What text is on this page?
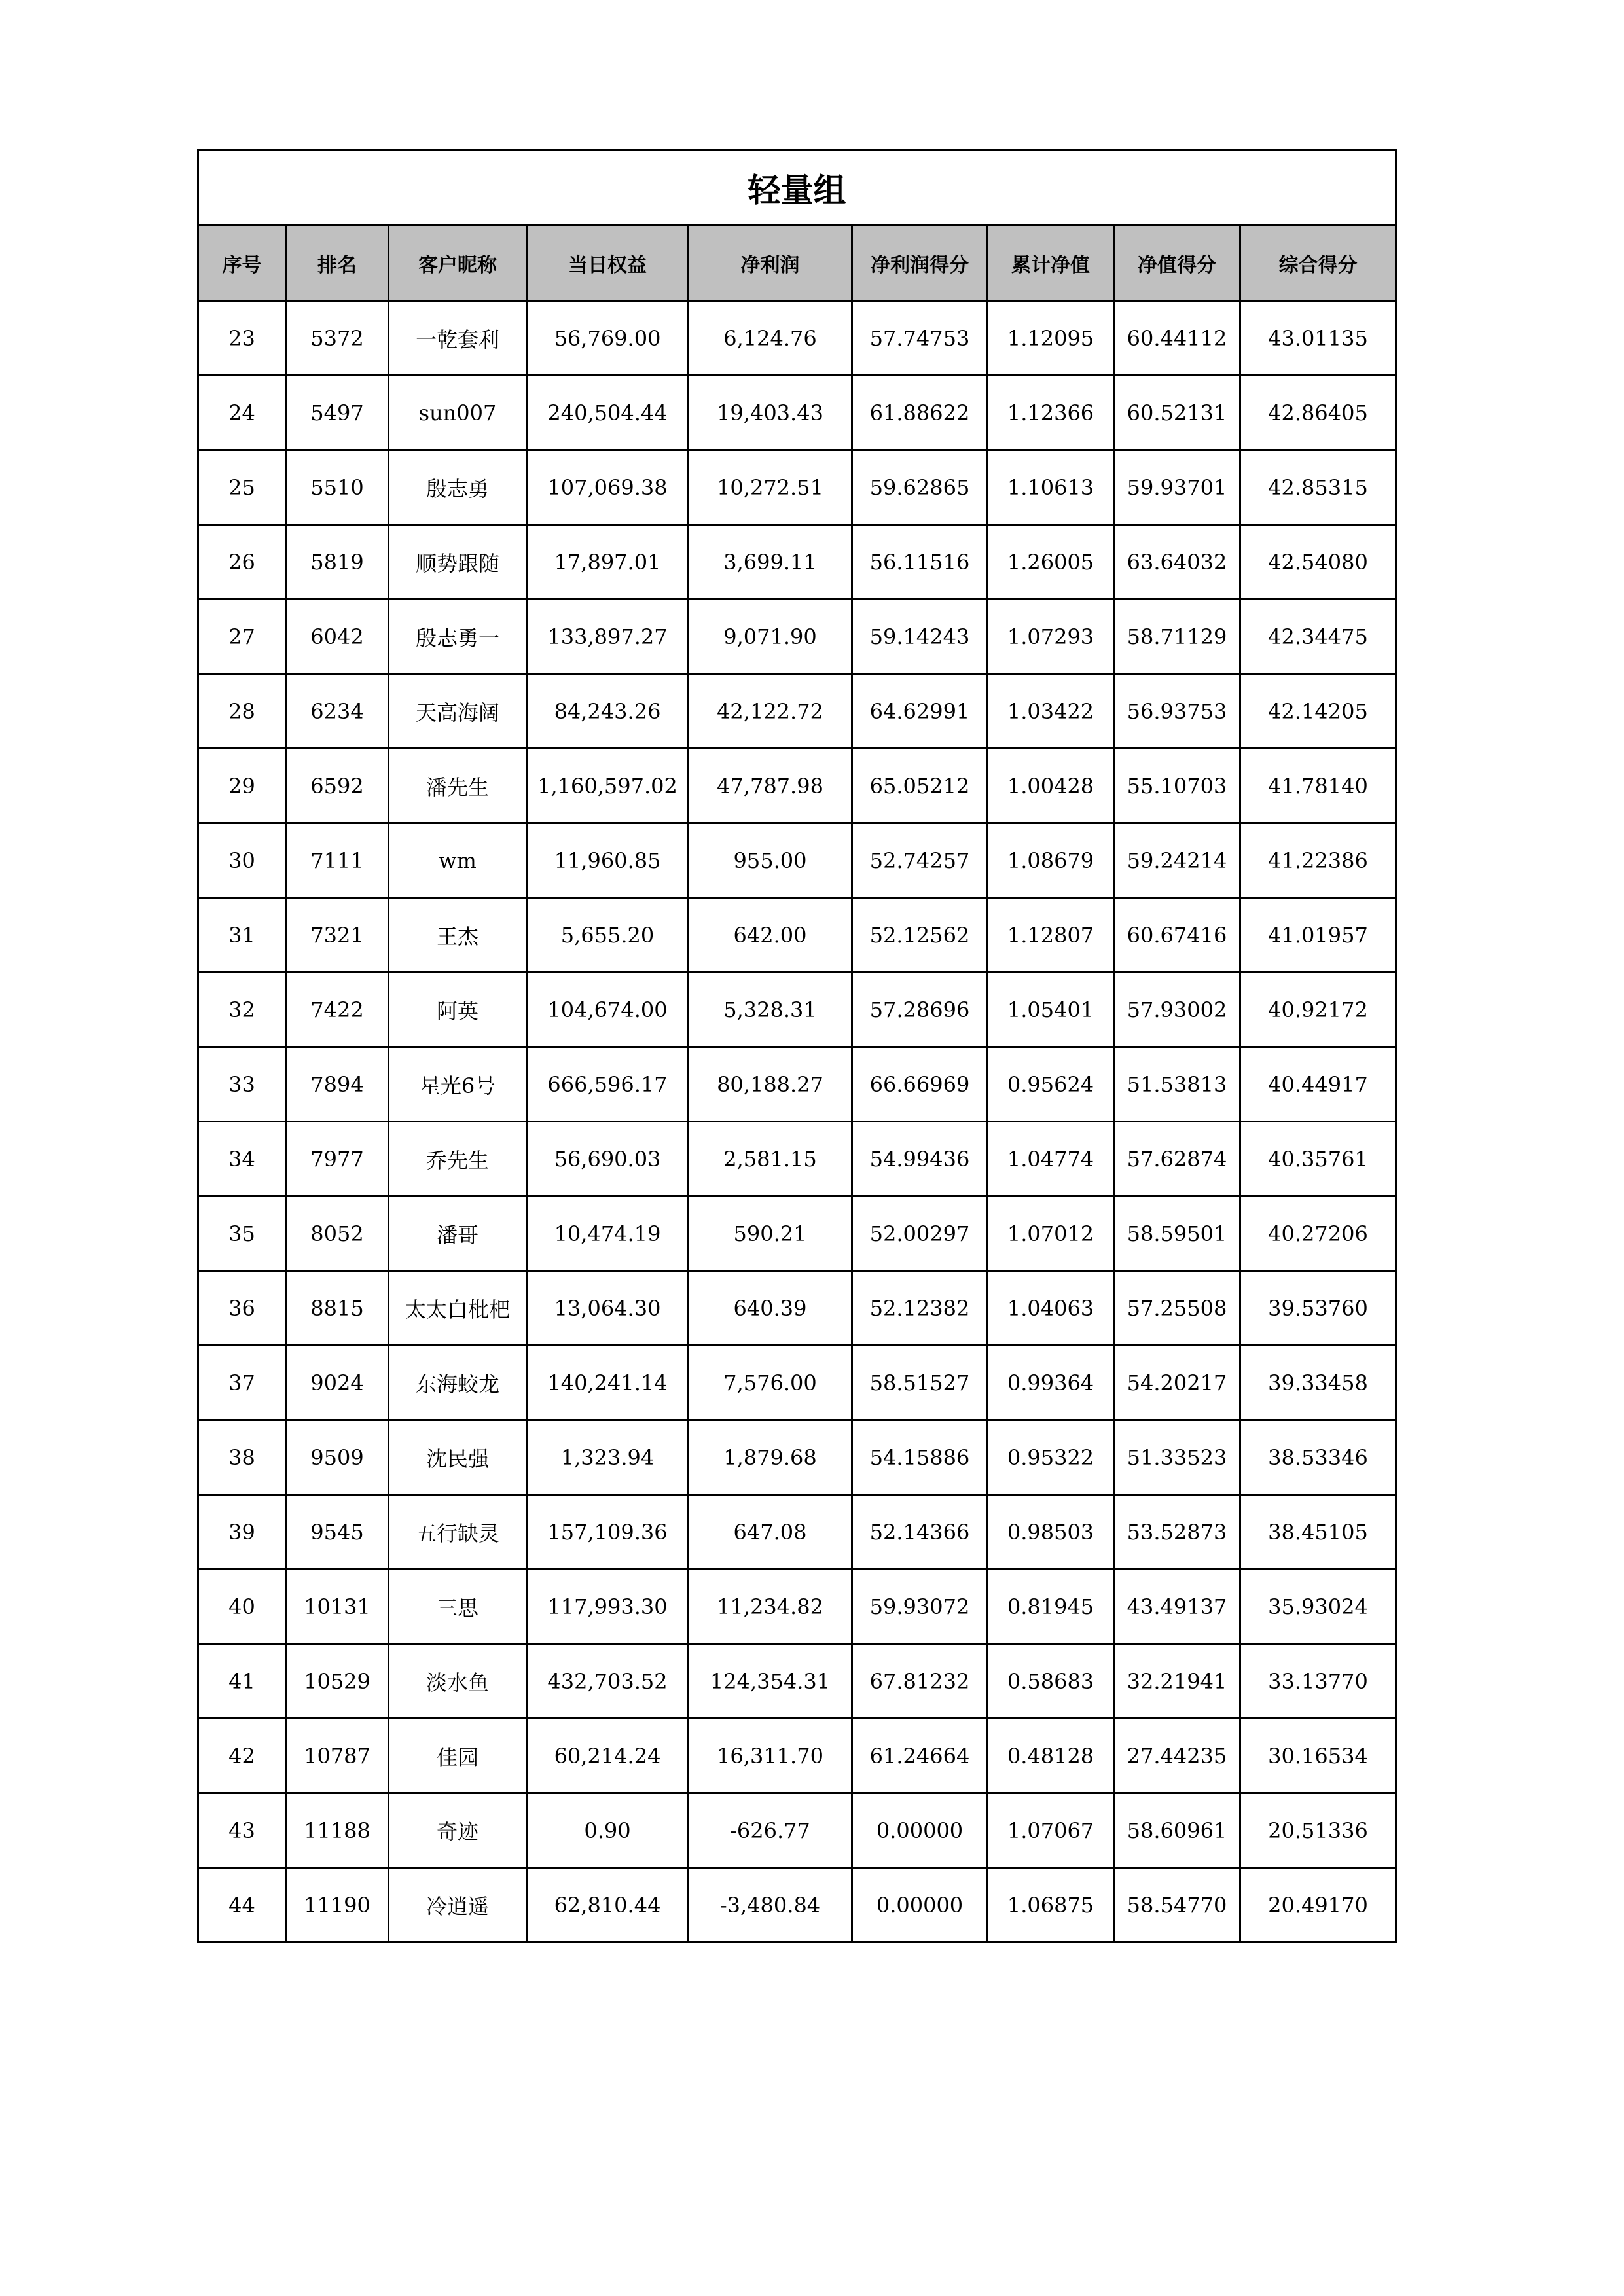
轻量组								
序号	排名	客户昵称	当日权益	净利润	净利润得分	累计净值	净值得分	综合得分
23	5372	一乾套利	56,769.00	6,124.76	57.74753	1.12095	60.44112	43.01135
24	5497	sun007	240,504.44	19,403.43	61.88622	1.12366	60.52131	42.86405
25	5510	殷志勇	107,069.38	10,272.51	59.62865	1.10613	59.93701	42.85315
26	5819	顺势跟随	17,897.01	3,699.11	56.11516	1.26005	63.64032	42.54080
27	6042	殷志勇一	133,897.27	9,071.90	59.14243	1.07293	58.71129	42.34475
28	6234	天高海阔	84,243.26	42,122.72	64.62991	1.03422	56.93753	42.14205
29	6592	潘先生	1,160,597.02	47,787.98	65.05212	1.00428	55.10703	41.78140
30	7111	wm	11,960.85	955.00	52.74257	1.08679	59.24214	41.22386
31	7321	王杰	5,655.20	642.00	52.12562	1.12807	60.67416	41.01957
32	7422	阿英	104,674.00	5,328.31	57.28696	1.05401	57.93002	40.92172
33	7894	星光6号	666,596.17	80,188.27	66.66969	0.95624	51.53813	40.44917
34	7977	乔先生	56,690.03	2,581.15	54.99436	1.04774	57.62874	40.35761
35	8052	潘哥	10,474.19	590.21	52.00297	1.07012	58.59501	40.27206
36	8815	太太白枇杷	13,064.30	640.39	52.12382	1.04063	57.25508	39.53760
37	9024	东海蛟龙	140,241.14	7,576.00	58.51527	0.99364	54.20217	39.33458
38	9509	沈民强	1,323.94	1,879.68	54.15886	0.95322	51.33523	38.53346
39	9545	五行缺灵	157,109.36	647.08	52.14366	0.98503	53.52873	38.45105
40	10131	三思	117,993.30	11,234.82	59.93072	0.81945	43.49137	35.93024
41	10529	淡水鱼	432,703.52	124,354.31	67.81232	0.58683	32.21941	33.13770
42	10787	佳园	60,214.24	16,311.70	61.24664	0.48128	27.44235	30.16534
43	11188	奇迹	0.90	-626.77	0.00000	1.07067	58.60961	20.51336
44	11190	冷逍遥	62,810.44	-3,480.84	0.00000	1.06875	58.54770	20.49170
